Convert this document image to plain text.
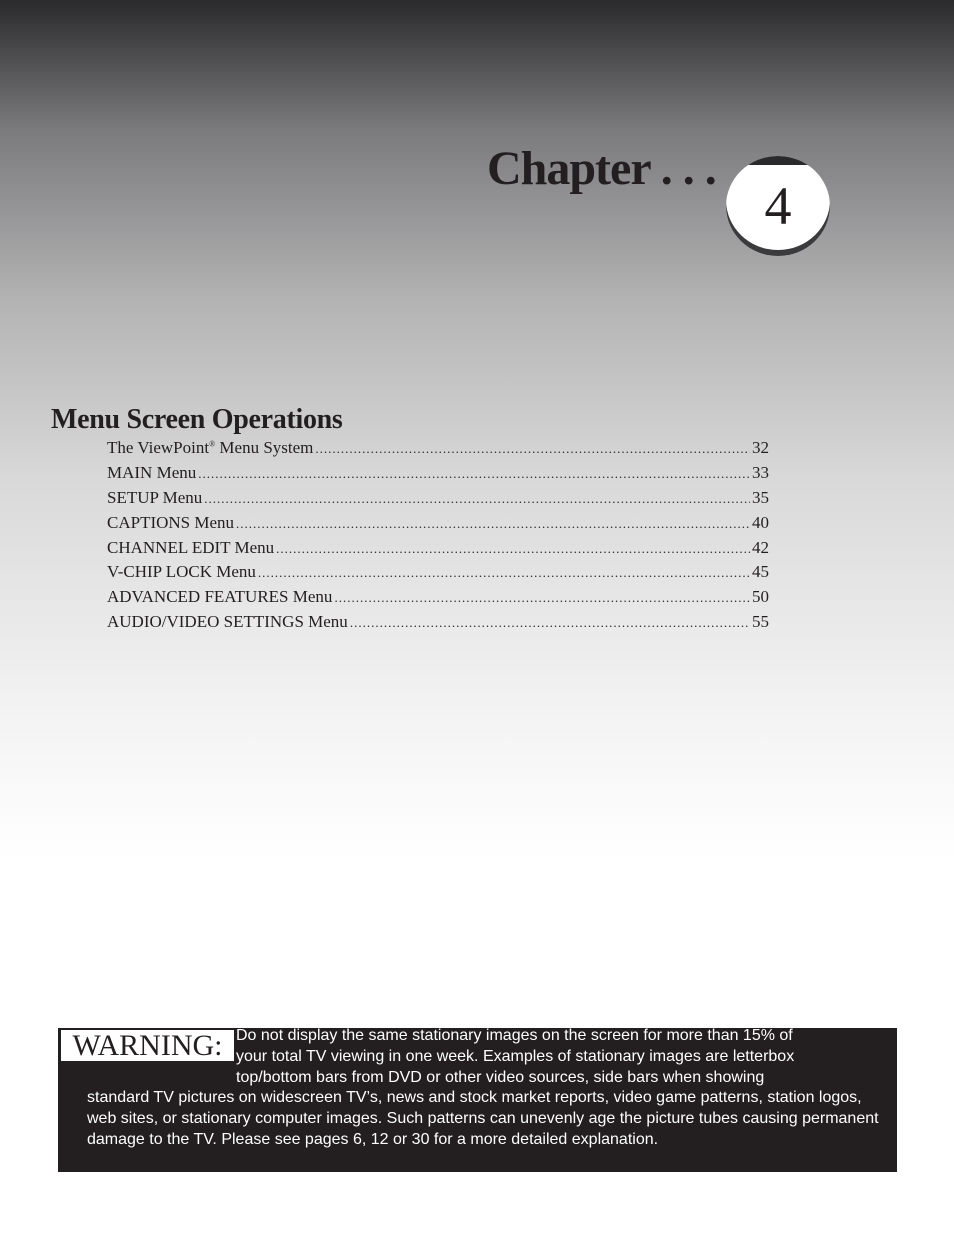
Chapter . . .
4
Menu Screen Operations
The ViewPoint® Menu System .....	32
MAIN Menu .....	33
SETUP Menu .....	35
CAPTIONS Menu .....	40
CHANNEL EDIT Menu .....	42
V-CHIP LOCK Menu .....	45
ADVANCED FEATURES Menu .....	50
AUDIO/VIDEO SETTINGS Menu .....	55
WARNING: Do not display the same stationary images on the screen for more than 15% of
your total TV viewing in one week. Examples of stationary images are letterbox
top/bottom bars from DVD or other video sources, side bars when showing
standard TV pictures on widescreen TV’s, news and stock market reports, video game patterns, station logos, web sites, or stationary computer images. Such patterns can unevenly age the picture tubes causing permanent damage to the TV. Please see pages 6, 12 or 30 for a more detailed explanation.
